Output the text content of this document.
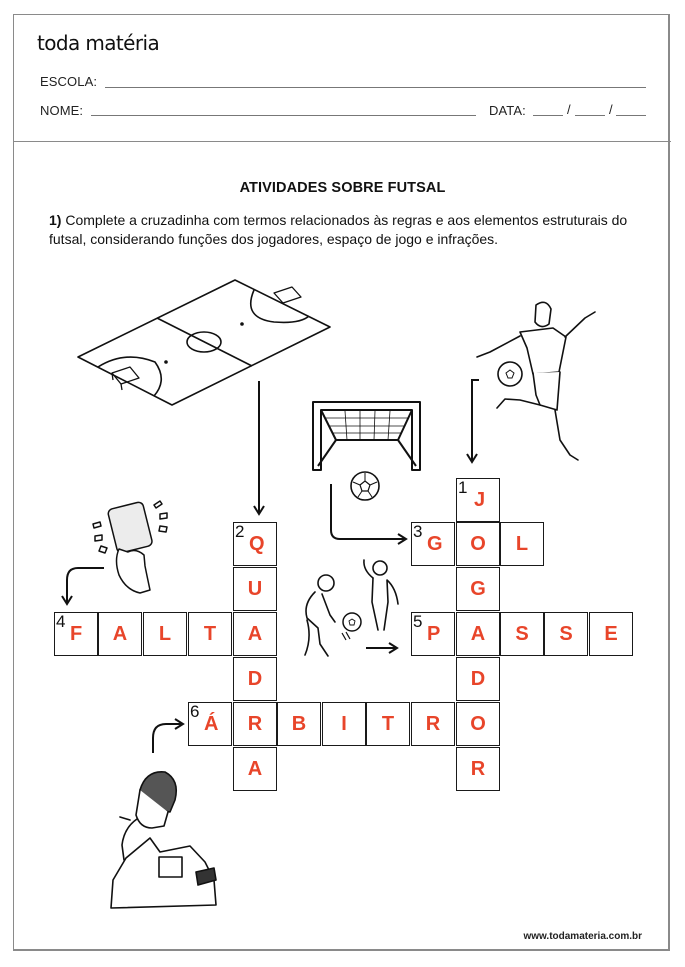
toda matéria
ESCOLA:
NOME:	DATA:	/	/
ATIVIDADES SOBRE FUTSAL
1) Complete a cruzadinha com termos relacionados às regras e aos elementos estruturais do futsal, considerando funções dos jogadores, espaço de jogo e infrações.
1
J
O
G
A
D
O
R
3
G	L
5
P	S S E
2
Q
U
A
D
R
A
4
F A L T
6
Á	B I T R
www.todamateria.com.br
